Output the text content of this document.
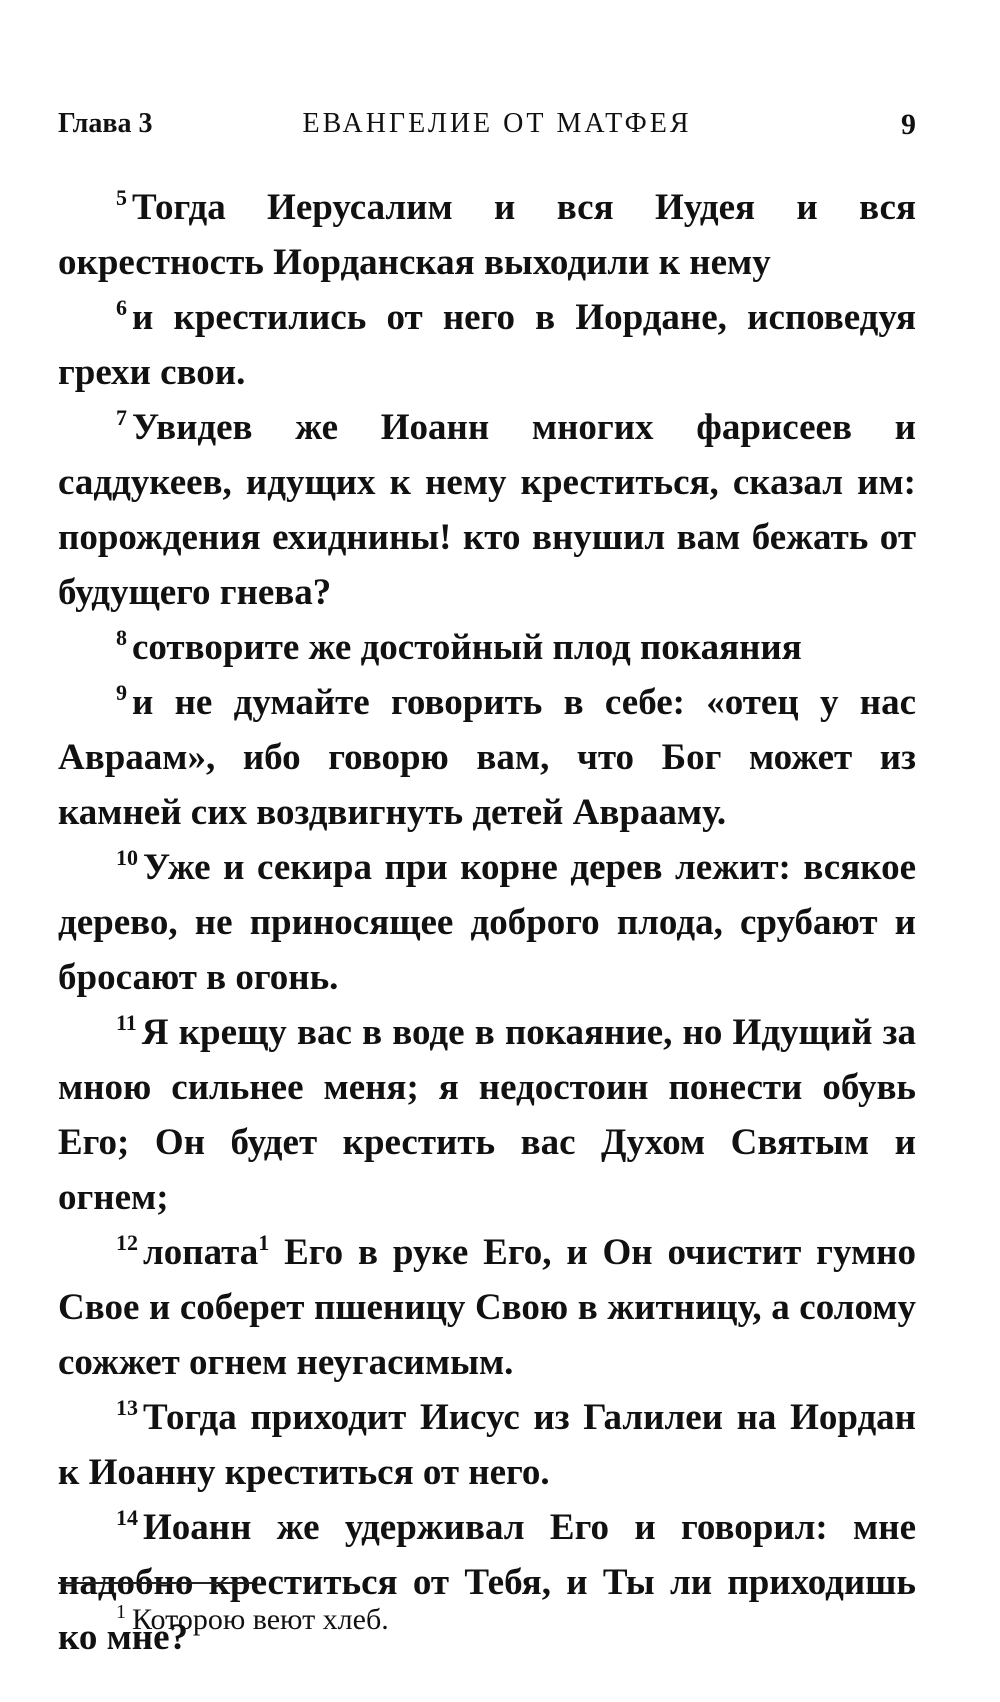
Глава 3	ЕВАНГЕЛИЕ ОТ МАТФЕЯ	9

$^5$ Тогда Иерусалим и вся Иудея и вся окрестность Иорданская выходили к нему

$^6$ и крестились от него в Иордане, исповедуя грехи свои.

$^7$ Увидев же Иоанн многих фарисеев и саддукеев, идущих к нему креститься, сказал им: порождения ехиднины! кто внушил вам бежать от будущего гнева?

$^8$ сотворите же достойный плод покаяния

$^9$ и не думайте говорить в себе: «отец у нас Авраам», ибо говорю вам, что Бог может из камней сих воздвигнуть детей Аврааму.

$^{10}$ Уже и секира при корне дерев лежит: всякое дерево, не приносящее доброго плода, срубают и бросают в огонь.

$^{11}$ Я крещу вас в воде в покаяние, но Идущий за мною сильнее меня; я недостоин понести обувь Его; Он будет крестить вас Духом Святым и огнем;

$^{12}$ лопата$^1$ Его в руке Его, и Он очистит гумно Свое и соберет пшеницу Свою в житницу, а солому сожжет огнем неугасимым.

$^{13}$ Тогда приходит Иисус из Галилеи на Иордан к Иоанну креститься от него.

$^{14}$ Иоанн же удерживал Его и говорил: мне надобно креститься от Тебя, и Ты ли приходишь ко мне?

$^1$ Которою веют хлеб.
